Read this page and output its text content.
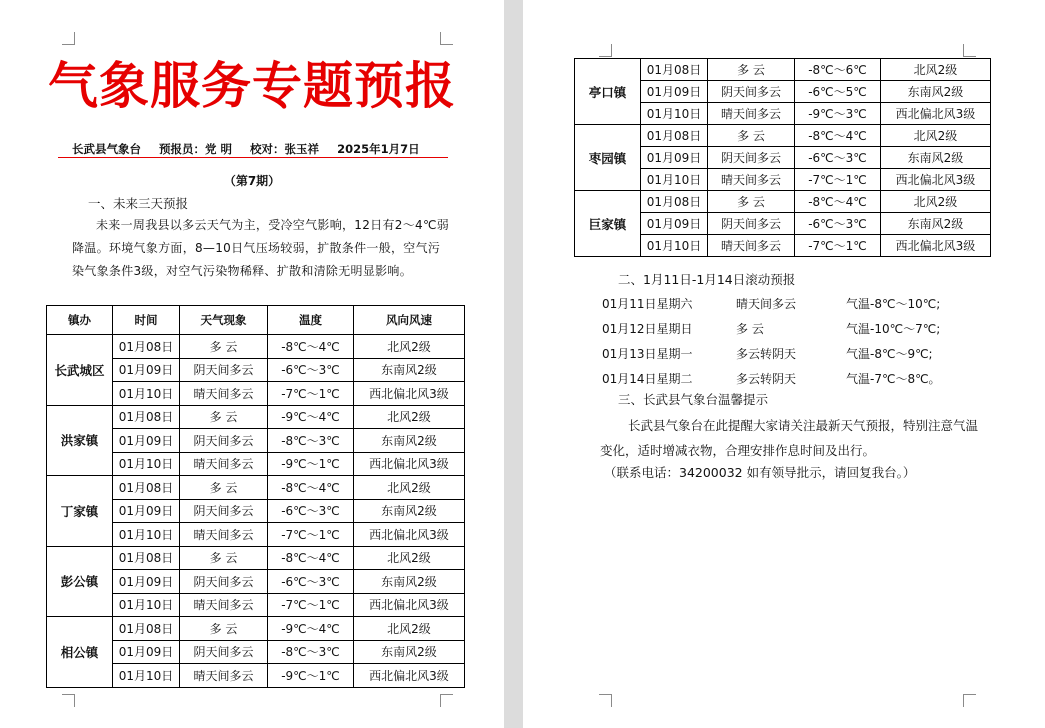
气象服务专题预报
长武县气象台 预报员：党 明 校对：张玉祥 2025年1月7日
（第7期）
一、未来三天预报
未来一周我县以多云天气为主，受冷空气影响，12日有2～4℃弱降温。环境气象方面，8—10日气压场较弱，扩散条件一般，空气污染气象条件3级，对空气污染物稀释、扩散和清除无明显影响。
镇办	时间	天气现象	温度	风向风速
长武城区	01月08日	多 云	-8℃～4℃	北风2级
	01月09日	阴天间多云	-6℃～3℃	东南风2级
	01月10日	晴天间多云	-7℃～1℃	西北偏北风3级
洪家镇	01月08日	多 云	-9℃～4℃	北风2级
	01月09日	阴天间多云	-8℃～3℃	东南风2级
	01月10日	晴天间多云	-9℃～1℃	西北偏北风3级
丁家镇	01月08日	多 云	-8℃～4℃	北风2级
	01月09日	阴天间多云	-6℃～3℃	东南风2级
	01月10日	晴天间多云	-7℃～1℃	西北偏北风3级
彭公镇	01月08日	多 云	-8℃～4℃	北风2级
	01月09日	阴天间多云	-6℃～3℃	东南风2级
	01月10日	晴天间多云	-7℃～1℃	西北偏北风3级
相公镇	01月08日	多 云	-9℃～4℃	北风2级
	01月09日	阴天间多云	-8℃～3℃	东南风2级
	01月10日	晴天间多云	-9℃～1℃	西北偏北风3级
亭口镇	01月08日	多 云	-8℃～6℃	北风2级
	01月09日	阴天间多云	-6℃～5℃	东南风2级
	01月10日	晴天间多云	-9℃～3℃	西北偏北风3级
枣园镇	01月08日	多 云	-8℃～4℃	北风2级
	01月09日	阴天间多云	-6℃～3℃	东南风2级
	01月10日	晴天间多云	-7℃～1℃	西北偏北风3级
巨家镇	01月08日	多 云	-8℃～4℃	北风2级
	01月09日	阴天间多云	-6℃～3℃	东南风2级
	01月10日	晴天间多云	-7℃～1℃	西北偏北风3级
二、1月11日-1月14日滚动预报
01月11日星期六	晴天间多云	气温-8℃～10℃;
01月12日星期日	多 云	气温-10℃～7℃;
01月13日星期一	多云转阴天	气温-8℃～9℃;
01月14日星期二	多云转阴天	气温-7℃～8℃。
三、长武县气象台温馨提示
长武县气象台在此提醒大家请关注最新天气预报，特别注意气温变化，适时增减衣物，合理安排作息时间及出行。
（联系电话：34200032 如有领导批示，请回复我台。）
